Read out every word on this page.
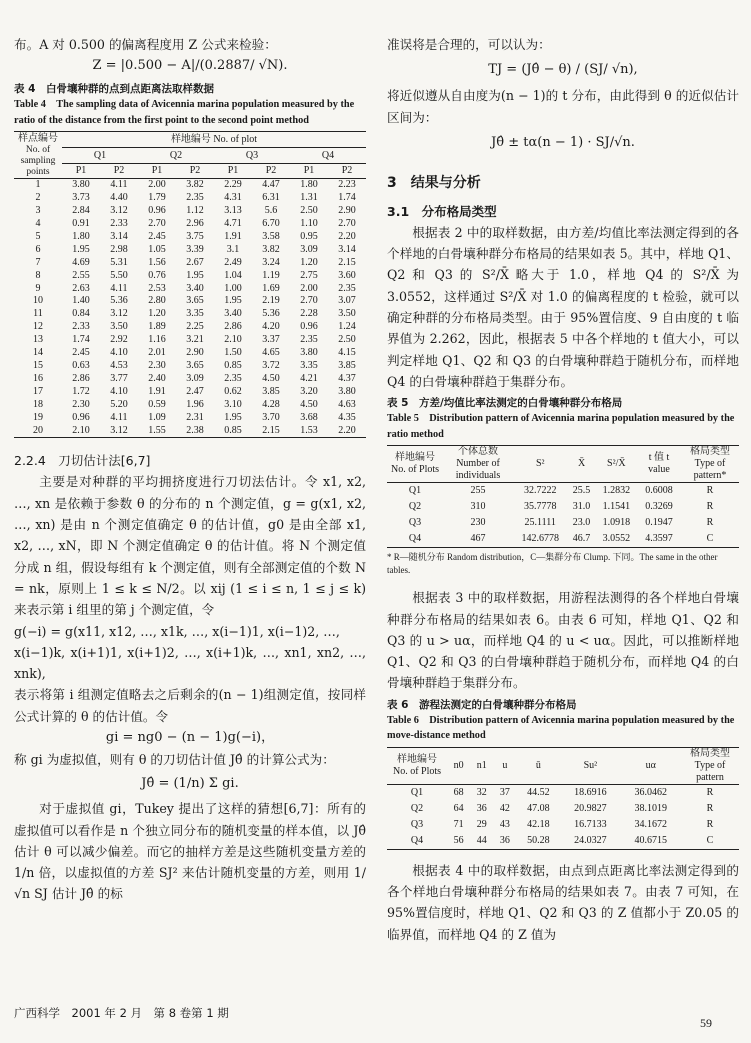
布。A 对 0.500 的偏离程度用 Z 公式来检验：

Z = |0.500 − A|/(0.2887/ √N).

表 4　白骨壤种群的点到点距离法取样数据

Table 4　The sampling data of Avicennia marina population measured by the ratio of the distance from the first point to the second point method

样点编号
No. of sampling points	样地编号 No. of plot							
	Q1		Q2		Q3		Q4	
	P1	P2	P1	P2	P1	P2	P1	P2
1	3.80	4.11	2.00	3.82	2.29	4.47	1.80	2.23
2	3.73	4.40	1.79	2.35	4.31	6.31	1.31	1.74
3	2.84	3.12	0.96	1.12	3.13	5.6	2.50	2.90
4	0.91	2.33	2.70	2.96	4.71	6.70	1.10	2.70
5	1.80	3.14	2.45	3.75	1.91	3.58	0.95	2.20
6	1.95	2.98	1.05	3.39	3.1	3.82	3.09	3.14
7	4.69	5.31	1.56	2.67	2.49	3.24	1.20	2.15
8	2.55	5.50	0.76	1.95	1.04	1.19	2.75	3.60
9	2.63	4.11	2.53	3.40	1.00	1.69	2.00	2.35
10	1.40	5.36	2.80	3.65	1.95	2.19	2.70	3.07
11	0.84	3.12	1.20	3.35	3.40	5.36	2.28	3.50
12	2.33	3.50	1.89	2.25	2.86	4.20	0.96	1.24
13	1.74	2.92	1.16	3.21	2.10	3.37	2.35	2.50
14	2.45	4.10	2.01	2.90	1.50	4.65	3.80	4.15
15	0.63	4.53	2.30	3.65	0.85	3.72	3.35	3.85
16	2.86	3.77	2.40	3.09	2.35	4.50	4.21	4.37
17	1.72	4.10	1.91	2.47	0.62	3.85	3.20	3.80
18	2.30	5.20	0.59	1.96	3.10	4.28	4.50	4.63
19	0.96	4.11	1.09	2.31	1.95	3.70	3.68	4.35
20	2.10	3.12	1.55	2.38	0.85	2.15	1.53	2.20

2.2.4　刀切估计法[6,7]

主要是对种群的平均拥挤度进行刀切法估计。令 x1, x2, …, xn 是依赖于参数 θ 的分布的 n 个测定值，g = g(x1, x2, …, xn) 是由 n 个测定值确定 θ 的估计值，g0 是由全部 x1, x2, …, xN，即 N 个测定值确定 θ 的估计值。将 N 个测定值分成 n 组，假设每组有 k 个测定值，则有全部测定值的个数 N = nk，原则上 1 ≤ k ≤ N/2。以 xij (1 ≤ i ≤ n, 1 ≤ j ≤ k) 来表示第 i 组里的第 j 个测定值，令

g(−i) = g(x11, x12, …, x1k, …, x(i−1)1, x(i−1)2, …,

x(i−1)k, x(i+1)1, x(i+1)2, …, x(i+1)k, …, xn1, xn2, …, xnk),

表示将第 i 组测定值略去之后剩余的(n − 1)组测定值，按同样公式计算的 θ 的估计值。令

gi = ng0 − (n − 1)g(−i)，

称 gi 为虚拟值，则有 θ 的刀切估计值 Jθ̂ 的计算公式为：

Jθ̂ = (1/n) Σ gi.

对于虚拟值 gi，Tukey 提出了这样的猜想[6,7]：所有的虚拟值可以看作是 n 个独立同分布的随机变量的样本值，以 Jθ̂ 估计 θ 可以减少偏差。而它的抽样方差是这些随机变量方差的 1/n 倍，以虚拟值的方差 SJ² 来估计随机变量的方差，则用 1/ √n SJ 估计 Jθ̂ 的标

准误将是合理的，可以认为：

TJ = (Jθ̂ − θ) / (SJ/ √n),

将近似遵从自由度为(n − 1)的 t 分布，由此得到 θ 的近似估计区间为：

Jθ̂ ± tα(n − 1) · SJ/√n.

3　结果与分析

3.1　分布格局类型

根据表 2 中的取样数据，由方差/均值比率法测定得到的各个样地的白骨壤种群分布格局的结果如表 5。其中，样地 Q1、Q2 和 Q3 的 S²/X̄ 略大于 1.0，样地 Q4 的 S²/X̄ 为 3.0552，这样通过 S²/X̄ 对 1.0 的偏离程度的 t 检验，就可以确定种群的分布格局类型。由于 95%置信度、9 自由度的 t 临界值为 2.262，因此，根据表 5 中各个样地的 t 值大小，可以判定样地 Q1、Q2 和 Q3 的白骨壤种群趋于随机分布，而样地 Q4 的白骨壤种群趋于集群分布。

表 5　方差/均值比率法测定的白骨壤种群分布格局

Table 5　Distribution pattern of Avicennia marina population measured by the ratio method

样地编号 No. of Plots	个体总数 Number of individuals	S²	X̄	S²/X̄	t 值 t value	格局类型 Type of pattern*
Q1	255	32.7222	25.5	1.2832	0.6008	R
Q2	310	35.7778	31.0	1.1541	0.3269	R
Q3	230	25.1111	23.0	1.0918	0.1947	R
Q4	467	142.6778	46.7	3.0552	4.3597	C

* R—随机分布 Random distribution，C—集群分布 Clump. 下同。The same in the other tables.

根据表 3 中的取样数据，用游程法测得的各个样地白骨壤种群分布格局的结果如表 6。由表 6 可知，样地 Q1、Q2 和 Q3 的 u > uα，而样地 Q4 的 u < uα。因此，可以推断样地 Q1、Q2 和 Q3 的白骨壤种群趋于随机分布，而样地 Q4 的白骨壤种群趋于集群分布。

表 6　游程法测定的白骨壤种群分布格局

Table 6　Distribution pattern of Avicennia marina population measured by the move-distance method

样地编号 No. of Plots	n0	n1	u	ū	Su²	uα	格局类型 Type of pattern
Q1	68	32	37	44.52	18.6916	36.0462	R
Q2	64	36	42	47.08	20.9827	38.1019	R
Q3	71	29	43	42.18	16.7133	34.1672	R
Q4	56	44	36	50.28	24.0327	40.6715	C

根据表 4 中的取样数据，由点到点距离比率法测定得到的各个样地白骨壤种群分布格局的结果如表 7。由表 7 可知，在 95%置信度时，样地 Q1、Q2 和 Q3 的 Z 值都小于 Z0.05 的临界值，而样地 Q4 的 Z 值为

广西科学　2001 年 2 月　第 8 卷第 1 期
59
